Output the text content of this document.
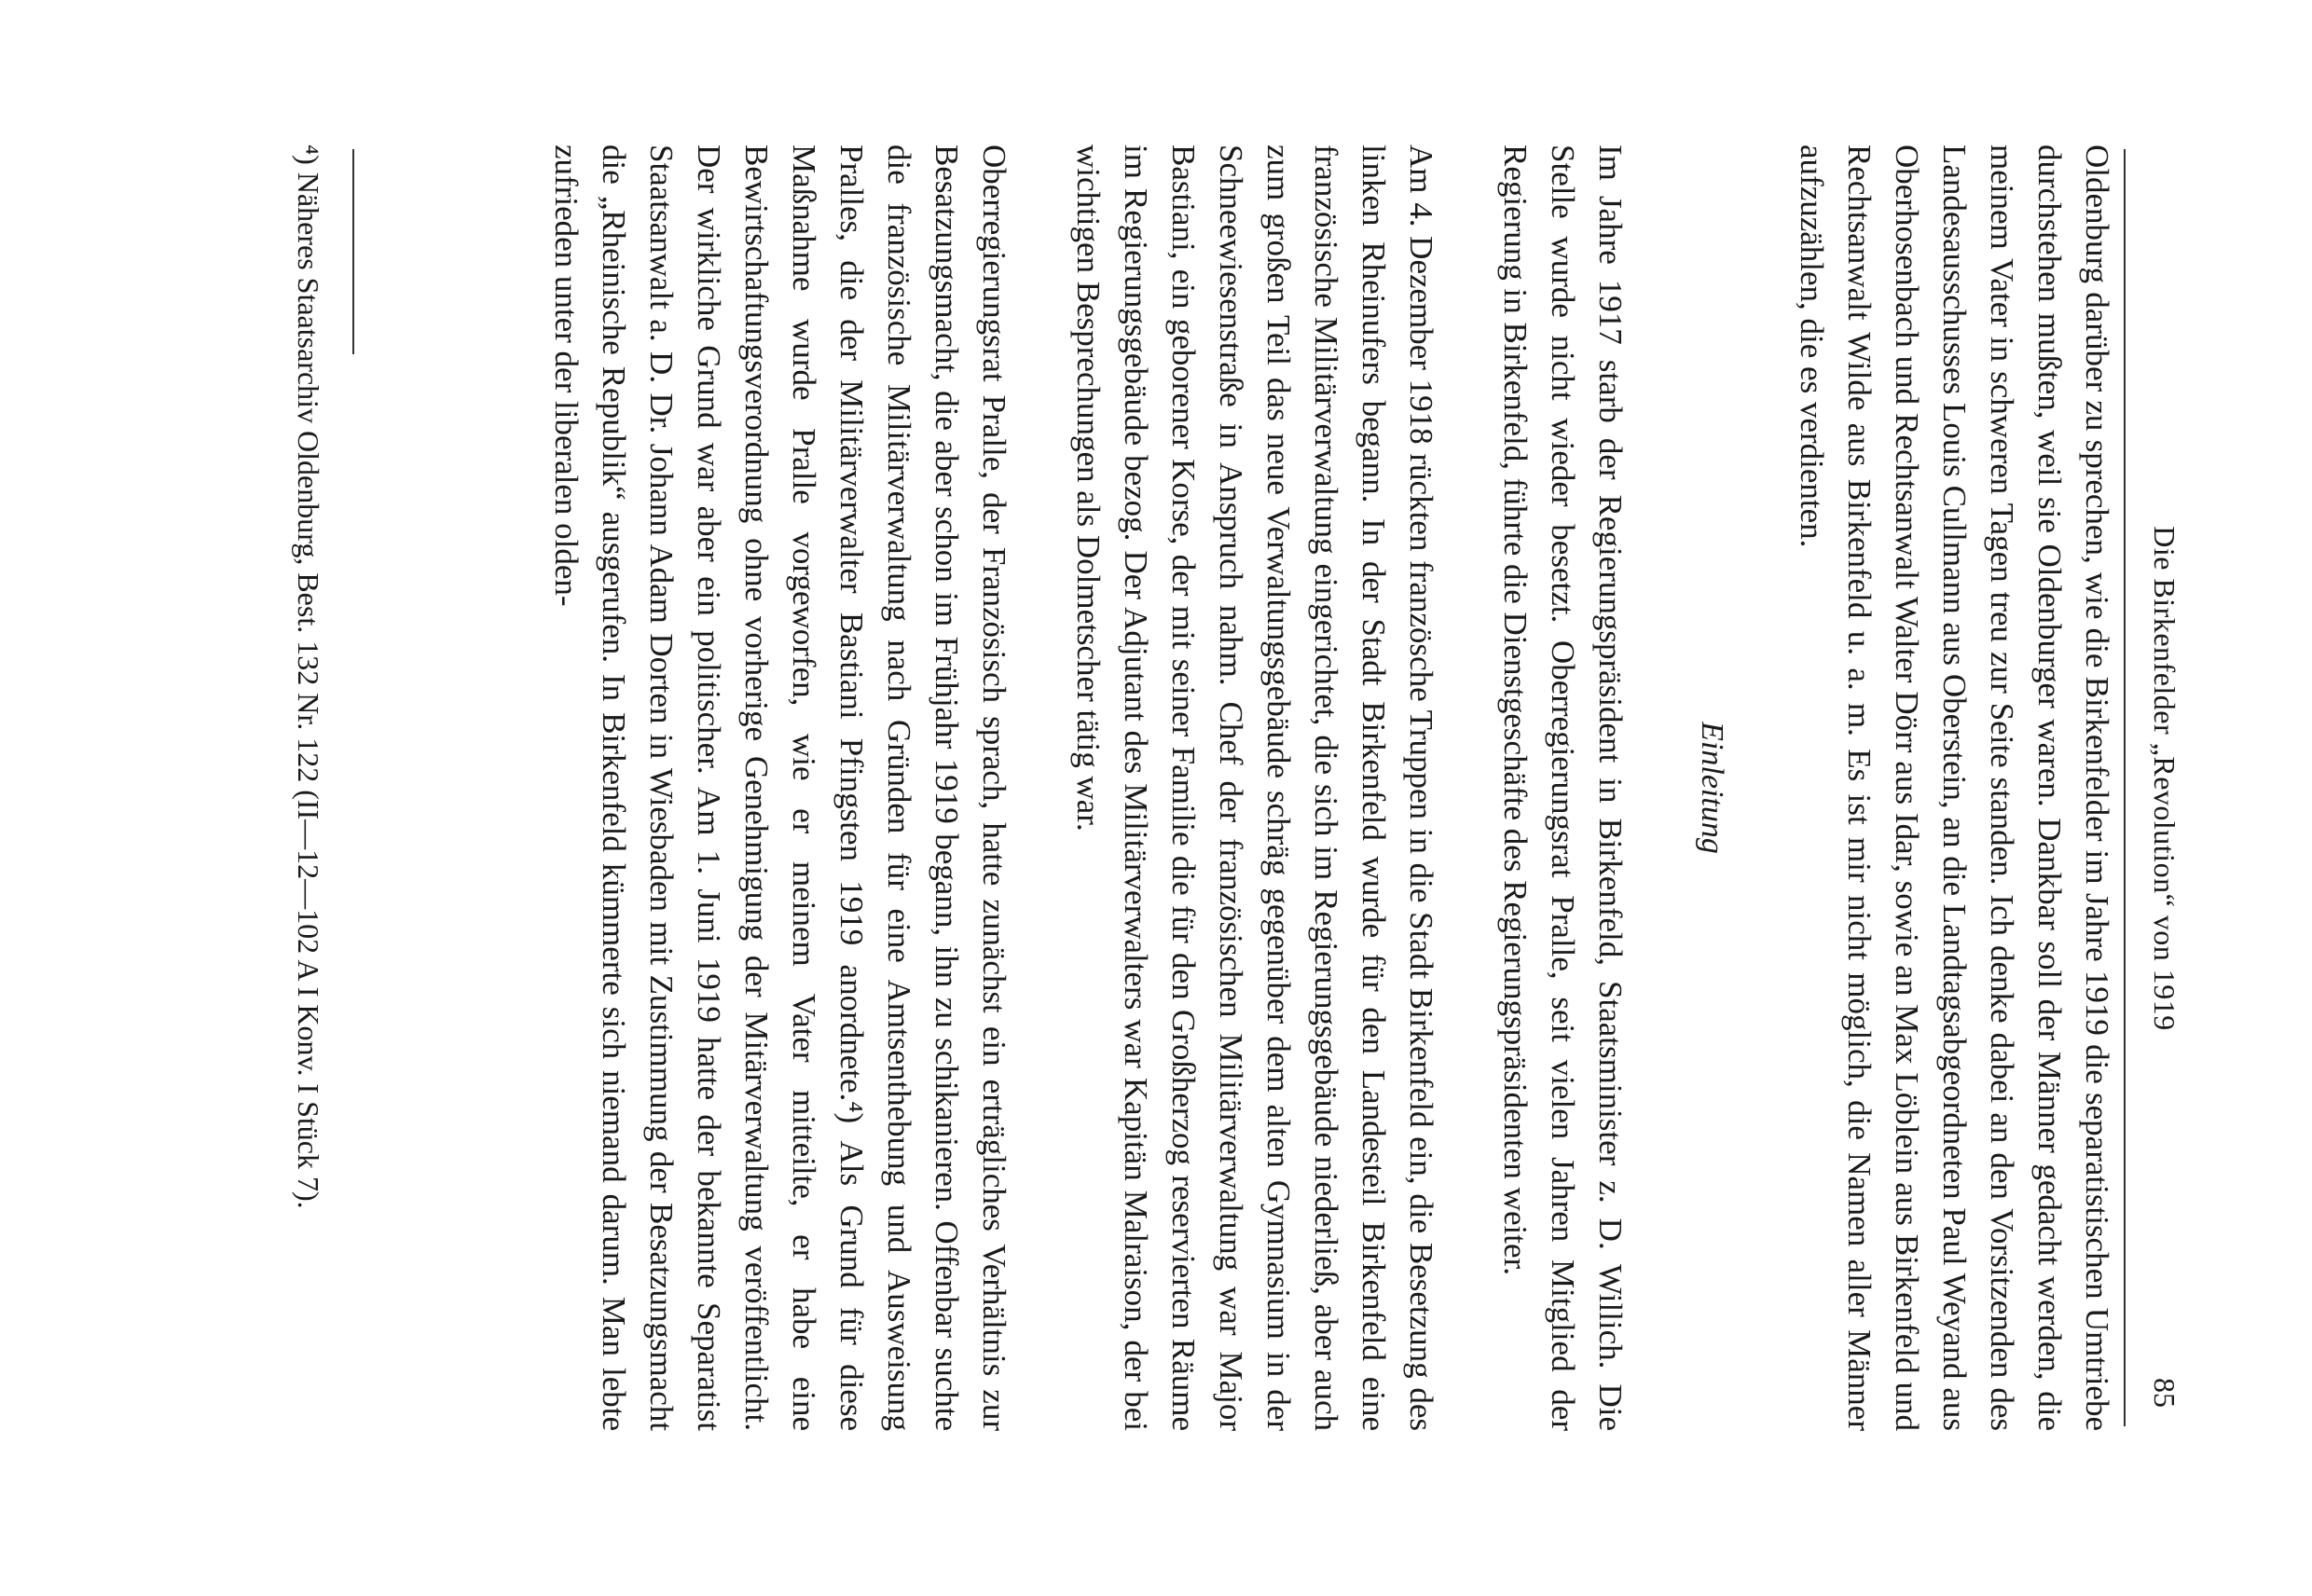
Die Birkenfelder „Revolution“ von 1919
85

Oldenburg darüber zu sprechen, wie die Birkenfelder im Jahre 1919 die separatistischen Umtriebe durchstehen mußten, weil sie Oldenburger waren. Dankbar soll der Männer gedacht werden, die meinem Vater in schweren Tagen treu zur Seite standen. Ich denke dabei an den Vorsitzenden des Landesausschusses Louis Cullmann aus Oberstein, an die Landtagsabgeordneten Paul Weyand aus Oberhosenbach und Rechtsanwalt Walter Dörr aus Idar, sowie an Max Löblein aus Birkenfeld und Rechtsanwalt Wilde aus Birkenfeld u. a. m. Es ist mir nicht möglich, die Namen aller Männer aufzuzählen, die es verdienten.

Einleitung

Im Jahre 1917 starb der Regierungspräsident in Birkenfeld, Staatsminister z. D. Willich. Die Stelle wurde nicht wieder besetzt. Oberregierungsrat Pralle, seit vielen Jahren Mitglied der Regierung in Birkenfeld, führte die Dienstgeschäfte des Regierungspräsidenten weiter.

Am 4. Dezember 1918 rückten französche Truppen in die Stadt Birkenfeld ein, die Besetzung des linken Rheinufers begann. In der Stadt Birkenfeld wurde für den Landesteil Birkenfeld eine französische Militärverwaltung eingerichtet, die sich im Regierungsgebäude niederließ, aber auch zum großen Teil das neue Verwaltungsgebäude schräg gegenüber dem alten Gymnasium in der Schneewiesenstraße in Anspruch nahm. Chef der französischen Militärverwaltung war Major Bastiani, ein geborener Korse, der mit seiner Familie die für den Großherzog reservierten Räume im Regierungsgebäude bezog. Der Adjutant des Militärverwalters war Kapitän Malraison, der bei wichtigen Besprechungen als Dolmetscher tätig war.

Oberregierungsrat Pralle, der Französisch sprach, hatte zunächst ein erträgliches Verhältnis zur Besatzungsmacht, die aber schon im Frühjahr 1919 begann, ihn zu schikanieren. Offenbar suchte die französische Militärverwaltung nach Gründen für eine Amtsenthebung und Ausweisung Pralles, die der Militärverwalter Bastiani Pfingsten 1919 anordnete.⁴) Als Grund für diese Maßnahme wurde Pralle vorgeworfen, wie er meinem Vater mitteilte, er habe eine Bewirtschaftungsverordnung ohne vorherige Genehmigung der Mitärverwaltung veröffentlicht. Der wirkliche Grund war aber ein politischer. Am 1. Juni 1919 hatte der bekannte Separatist Staatsanwalt a. D. Dr. Johann Adam Dorten in Wiesbaden mit Zustimmung der Besatzungsmacht die „Rheinische Republik“ ausgerufen. In Birkenfeld kümmerte sich niemand darum. Man lebte zufrieden unter der liberalen olden-

⁴) Näheres Staatsarchiv Oldenburg, Best. 132 Nr. 122 (II—12—102 A I Konv. I Stück 7).
